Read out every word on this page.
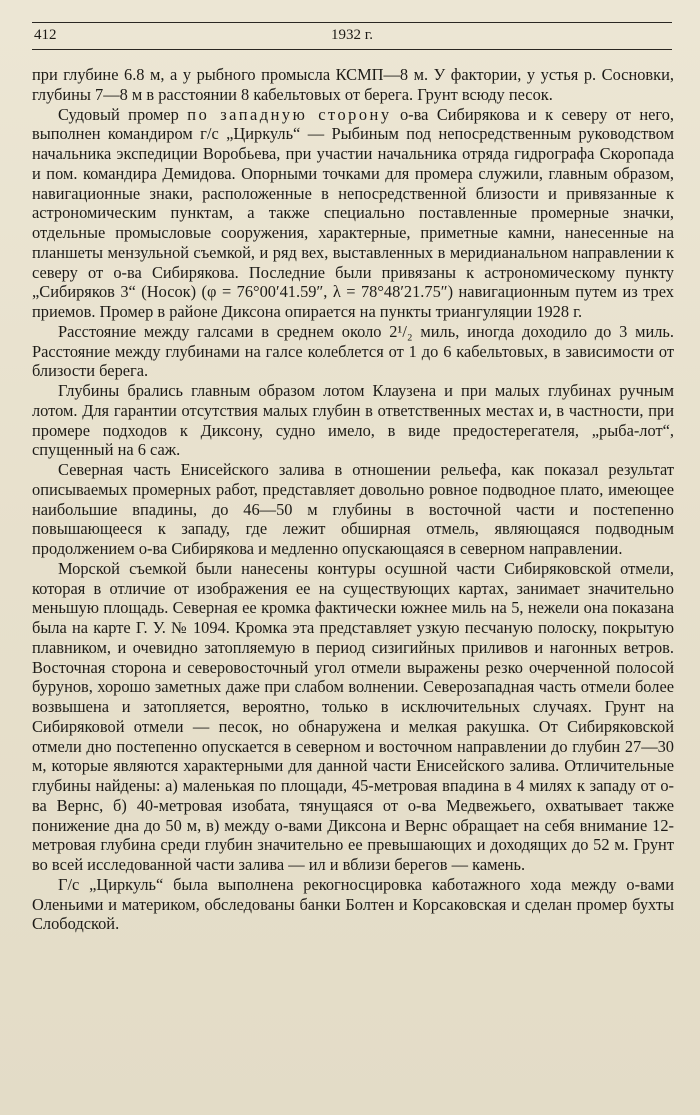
412	1932 г.

при глубине 6.8 м, а у рыбного промысла КСМП—8 м. У фактории, у устья р. Сосновки, глубины 7—8 м в расстоянии 8 кабельтовых от берега. Грунт всюду песок.

Судовый промер по западную сторону о-ва Сибирякова и к северу от него, выполнен командиром г/с „Циркуль“ — Рыбиным под непосредственным руководством начальника экспедиции Воробьева, при участии начальника отряда гидрографа Скоропада и пом. командира Демидова. Опорными точками для промера служили, главным образом, навигационные знаки, расположенные в непосредственной близости и привязанные к астрономическим пунктам, а также специально поставленные промерные значки, отдельные промысловые сооружения, характерные, приметные камни, нанесенные на планшеты мензульной съемкой, и ряд вех, выставленных в меридианальном направлении к северу от о-ва Сибирякова. Последние были привязаны к астрономическому пункту „Сибиряков 3“ (Носок) (φ = 76°00′41.59″, λ = 78°48′21.75″) навигационным путем из трех приемов. Промер в районе Диксона опирается на пункты триангуляции 1928 г.

Расстояние между галсами в среднем около 2¹/₂ миль, иногда доходило до 3 миль. Расстояние между глубинами на галсе колеблется от 1 до 6 кабельтовых, в зависимости от близости берега.

Глубины брались главным образом лотом Клаузена и при малых глубинах ручным лотом. Для гарантии отсутствия малых глубин в ответственных местах и, в частности, при промере подходов к Диксону, судно имело, в виде предостерегателя, „рыба-лот“, спущенный на 6 саж.

Северная часть Енисейского залива в отношении рельефа, как показал результат описываемых промерных работ, представляет довольно ровное подводное плато, имеющее наибольшие впадины, до 46—50 м глубины в восточной части и постепенно повышающееся к западу, где лежит обширная отмель, являющаяся подводным продолжением о-ва Сибирякова и медленно опускающаяся в северном направлении.

Морской съемкой были нанесены контуры осушной части Сибиряковской отмели, которая в отличие от изображения ее на существующих картах, занимает значительно меньшую площадь. Северная ее кромка фактически южнее миль на 5, нежели она показана была на карте Г. У. № 1094. Кромка эта представляет узкую песчаную полоску, покрытую плавником, и очевидно затопляемую в период сизигийных приливов и нагонных ветров. Восточная сторона и северовосточный угол отмели выражены резко очерченной полосой бурунов, хорошо заметных даже при слабом волнении. Северозападная часть отмели более возвышена и затопляется, вероятно, только в исключительных случаях. Грунт на Сибиряковой отмели — песок, но обнаружена и мелкая ракушка. От Сибиряковской отмели дно постепенно опускается в северном и восточном направлении до глубин 27—30 м, которые являются характерными для данной части Енисейского залива. Отличительные глубины найдены: а) маленькая по площади, 45-метровая впадина в 4 милях к западу от о-ва Вернс, б) 40-метровая изобата, тянущаяся от о-ва Медвежьего, охватывает также понижение дна до 50 м, в) между о-вами Диксона и Вернс обращает на себя внимание 12-метровая глубина среди глубин значительно ее превышающих и доходящих до 52 м. Грунт во всей исследованной части залива — ил и вблизи берегов — камень.

Г/с „Циркуль“ была выполнена рекогносцировка каботажного хода между о-вами Оленьими и материком, обследованы банки Болтен и Корсаковская и сделан промер бухты Слободской.
